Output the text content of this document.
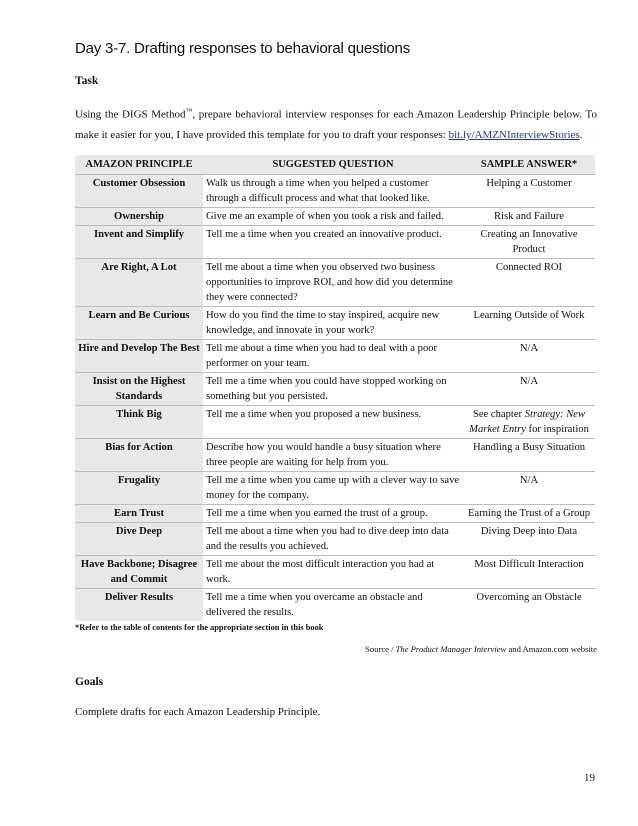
Day 3-7. Drafting responses to behavioral questions
Task

Using the DIGS Method™, prepare behavioral interview responses for each Amazon Leadership Principle below. To make it easier for you, I have provided this template for you to draft your responses: bit.ly/AMZNInterviewStories.

AMAZON PRINCIPLE	SUGGESTED QUESTION	SAMPLE ANSWER*
Customer Obsession	Walk us through a time when you helped a customer through a difficult process and what that looked like.	Helping a Customer
Ownership	Give me an example of when you took a risk and failed.	Risk and Failure
Invent and Simplify	Tell me a time when you created an innovative product.	Creating an Innovative Product
Are Right, A Lot	Tell me about a time when you observed two business opportunities to improve ROI, and how did you determine they were connected?	Connected ROI
Learn and Be Curious	How do you find the time to stay inspired, acquire new knowledge, and innovate in your work?	Learning Outside of Work
Hire and Develop The Best	Tell me about a time when you had to deal with a poor performer on your team.	N/A
Insist on the Highest Standards	Tell me a time when you could have stopped working on something but you persisted.	N/A
Think Big	Tell me a time when you proposed a new business.	See chapter Strategy: New Market Entry for inspiration
Bias for Action	Describe how you would handle a busy situation where three people are waiting for help from you.	Handling a Busy Situation
Frugality	Tell me a time when you came up with a clever way to save money for the company.	N/A
Earn Trust	Tell me a time when you earned the trust of a group.	Earning the Trust of a Group
Dive Deep	Tell me about a time when you had to dive deep into data and the results you achieved.	Diving Deep into Data
Have Backbone; Disagree and Commit	Tell me about the most difficult interaction you had at work.	Most Difficult Interaction
Deliver Results	Tell me a time when you overcame an obstacle and delivered the results.	Overcoming an Obstacle
*Refer to the table of contents for the appropriate section in this book
Source / The Product Manager Interview and Amazon.com website
Goals
Complete drafts for each Amazon Leadership Principle.
19
